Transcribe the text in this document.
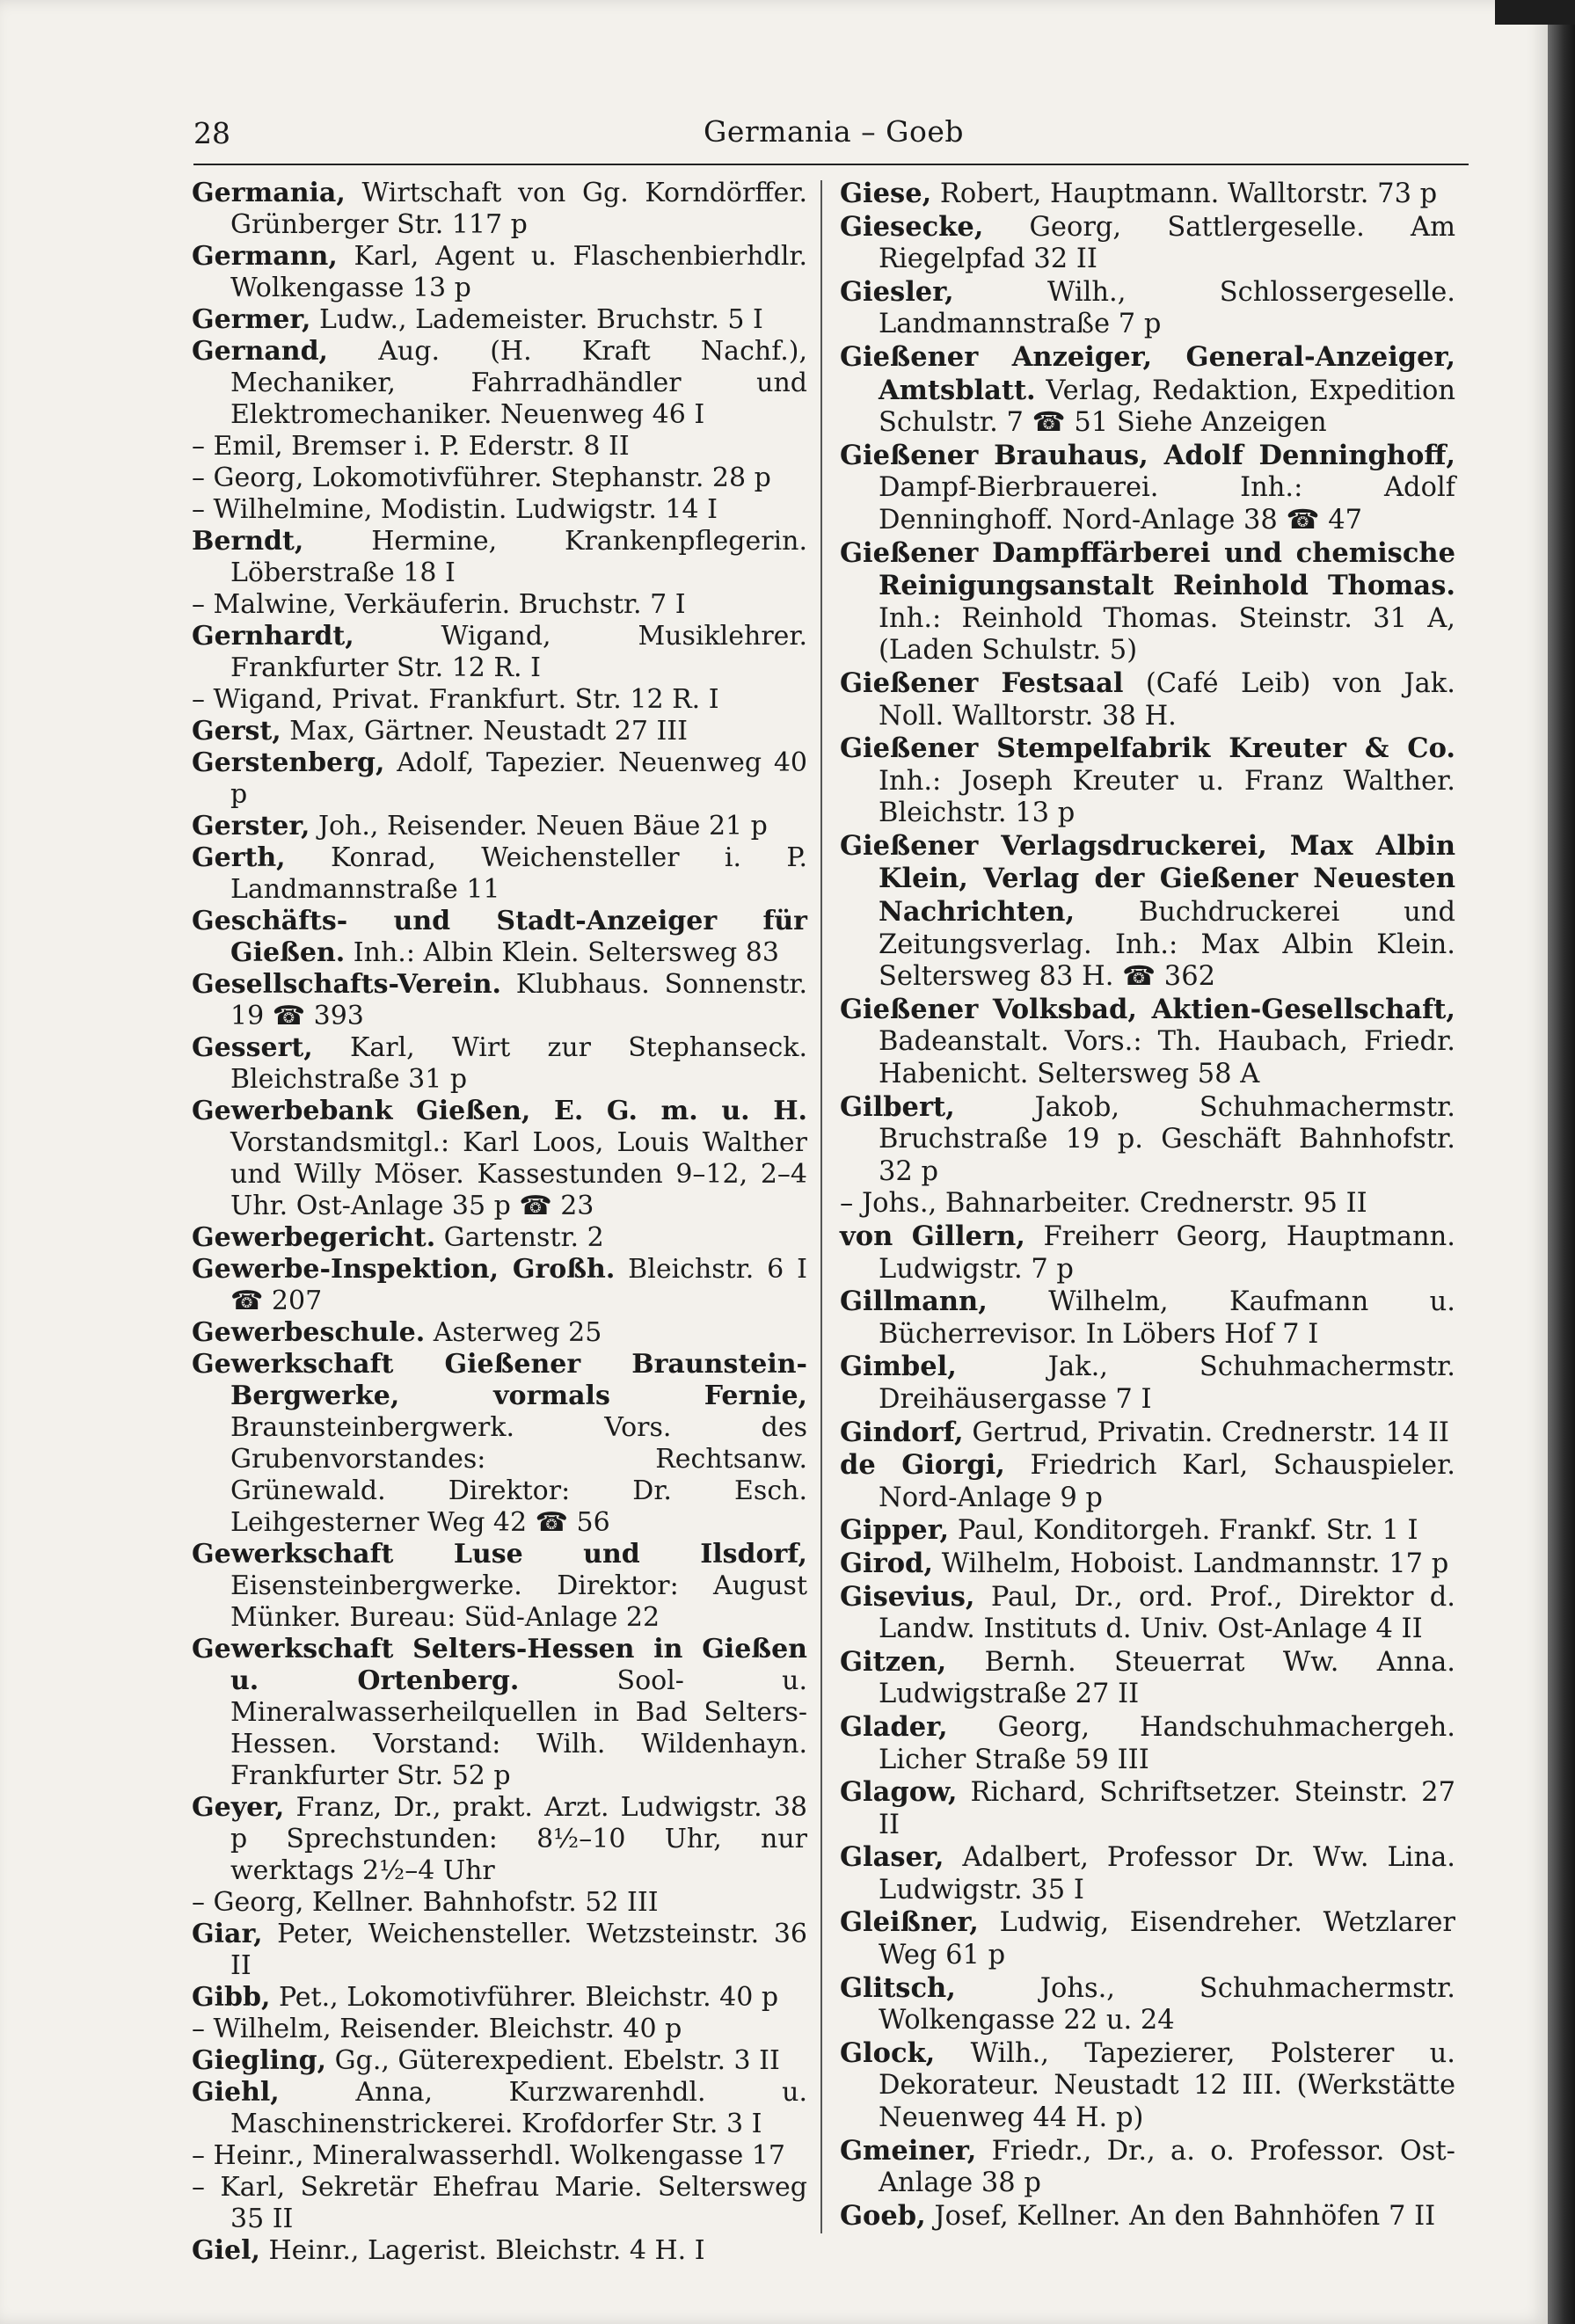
28	Germania – Goeb

Germania, Wirtschaft von Gg. Korndörffer. Grünberger Str. 117 p

Germann, Karl, Agent u. Flaschenbierhdlr. Wolkengasse 13 p

Germer, Ludw., Lademeister. Bruchstr. 5 I

Gernand, Aug. (H. Kraft Nachf.), Mechaniker, Fahrradhändler und Elektromechaniker. Neuenweg 46 I

– Emil, Bremser i. P. Ederstr. 8 II

– Georg, Lokomotivführer. Stephanstr. 28 p

– Wilhelmine, Modistin. Ludwigstr. 14 I

Berndt, Hermine, Krankenpflegerin. Löberstraße 18 I

– Malwine, Verkäuferin. Bruchstr. 7 I

Gernhardt, Wigand, Musiklehrer. Frankfurter Str. 12 R. I

– Wigand, Privat. Frankfurt. Str. 12 R. I

Gerst, Max, Gärtner. Neustadt 27 III

Gerstenberg, Adolf, Tapezier. Neuenweg 40 p

Gerster, Joh., Reisender. Neuen Bäue 21 p

Gerth, Konrad, Weichensteller i. P. Landmannstraße 11

Geschäfts- und Stadt-Anzeiger für Gießen. Inh.: Albin Klein. Seltersweg 83

Gesellschafts-Verein. Klubhaus. Sonnenstr. 19 ☎ 393

Gessert, Karl, Wirt zur Stephanseck. Bleichstraße 31 p

Gewerbebank Gießen, E. G. m. u. H. Vorstandsmitgl.: Karl Loos, Louis Walther und Willy Möser. Kassestunden 9–12, 2–4 Uhr. Ost-Anlage 35 p ☎ 23

Gewerbegericht. Gartenstr. 2

Gewerbe-Inspektion, Großh. Bleichstr. 6 I ☎ 207

Gewerbeschule. Asterweg 25

Gewerkschaft Gießener Braunstein-Bergwerke, vormals Fernie, Braunsteinbergwerk. Vors. des Grubenvorstandes: Rechtsanw. Grünewald. Direktor: Dr. Esch. Leihgesterner Weg 42 ☎ 56

Gewerkschaft Luse und Ilsdorf, Eisensteinbergwerke. Direktor: August Münker. Bureau: Süd-Anlage 22

Gewerkschaft Selters-Hessen in Gießen u. Ortenberg. Sool- u. Mineralwasserheilquellen in Bad Selters-Hessen. Vorstand: Wilh. Wildenhayn. Frankfurter Str. 52 p

Geyer, Franz, Dr., prakt. Arzt. Ludwigstr. 38 p Sprechstunden: 8½–10 Uhr, nur werktags 2½–4 Uhr

– Georg, Kellner. Bahnhofstr. 52 III

Giar, Peter, Weichensteller. Wetzsteinstr. 36 II

Gibb, Pet., Lokomotivführer. Bleichstr. 40 p

– Wilhelm, Reisender. Bleichstr. 40 p

Giegling, Gg., Güterexpedient. Ebelstr. 3 II

Giehl, Anna, Kurzwarenhdl. u. Maschinenstrickerei. Krofdorfer Str. 3 I

– Heinr., Mineralwasserhdl. Wolkengasse 17

– Karl, Sekretär Ehefrau Marie. Seltersweg 35 II

Giel, Heinr., Lagerist. Bleichstr. 4 H. I

Giese, Robert, Hauptmann. Walltorstr. 73 p

Giesecke, Georg, Sattlergeselle. Am Riegelpfad 32 II

Giesler, Wilh., Schlossergeselle. Landmannstraße 7 p

Gießener Anzeiger, General-Anzeiger, Amtsblatt. Verlag, Redaktion, Expedition Schulstr. 7 ☎ 51 Siehe Anzeigen

Gießener Brauhaus, Adolf Denninghoff, Dampf-Bierbrauerei. Inh.: Adolf Denninghoff. Nord-Anlage 38 ☎ 47

Gießener Dampffärberei und chemische Reinigungsanstalt Reinhold Thomas. Inh.: Reinhold Thomas. Steinstr. 31 A, (Laden Schulstr. 5)

Gießener Festsaal (Café Leib) von Jak. Noll. Walltorstr. 38 H.

Gießener Stempelfabrik Kreuter & Co. Inh.: Joseph Kreuter u. Franz Walther. Bleichstr. 13 p

Gießener Verlagsdruckerei, Max Albin Klein, Verlag der Gießener Neuesten Nachrichten, Buchdruckerei und Zeitungsverlag. Inh.: Max Albin Klein. Seltersweg 83 H. ☎ 362

Gießener Volksbad, Aktien-Gesellschaft, Badeanstalt. Vors.: Th. Haubach, Friedr. Habenicht. Seltersweg 58 A

Gilbert, Jakob, Schuhmachermstr. Bruchstraße 19 p. Geschäft Bahnhofstr. 32 p

– Johs., Bahnarbeiter. Crednerstr. 95 II

von Gillern, Freiherr Georg, Hauptmann. Ludwigstr. 7 p

Gillmann, Wilhelm, Kaufmann u. Bücherrevisor. In Löbers Hof 7 I

Gimbel, Jak., Schuhmachermstr. Dreihäusergasse 7 I

Gindorf, Gertrud, Privatin. Crednerstr. 14 II

de Giorgi, Friedrich Karl, Schauspieler. Nord-Anlage 9 p

Gipper, Paul, Konditorgeh. Frankf. Str. 1 I

Girod, Wilhelm, Hoboist. Landmannstr. 17 p

Gisevius, Paul, Dr., ord. Prof., Direktor d. Landw. Instituts d. Univ. Ost-Anlage 4 II

Gitzen, Bernh. Steuerrat Ww. Anna. Ludwigstraße 27 II

Glader, Georg, Handschuhmachergeh. Licher Straße 59 III

Glagow, Richard, Schriftsetzer. Steinstr. 27 II

Glaser, Adalbert, Professor Dr. Ww. Lina. Ludwigstr. 35 I

Gleißner, Ludwig, Eisendreher. Wetzlarer Weg 61 p

Glitsch, Johs., Schuhmachermstr. Wolkengasse 22 u. 24

Glock, Wilh., Tapezierer, Polsterer u. Dekorateur. Neustadt 12 III. (Werkstätte Neuenweg 44 H. p)

Gmeiner, Friedr., Dr., a. o. Professor. Ost-Anlage 38 p

Goeb, Josef, Kellner. An den Bahnhöfen 7 II
